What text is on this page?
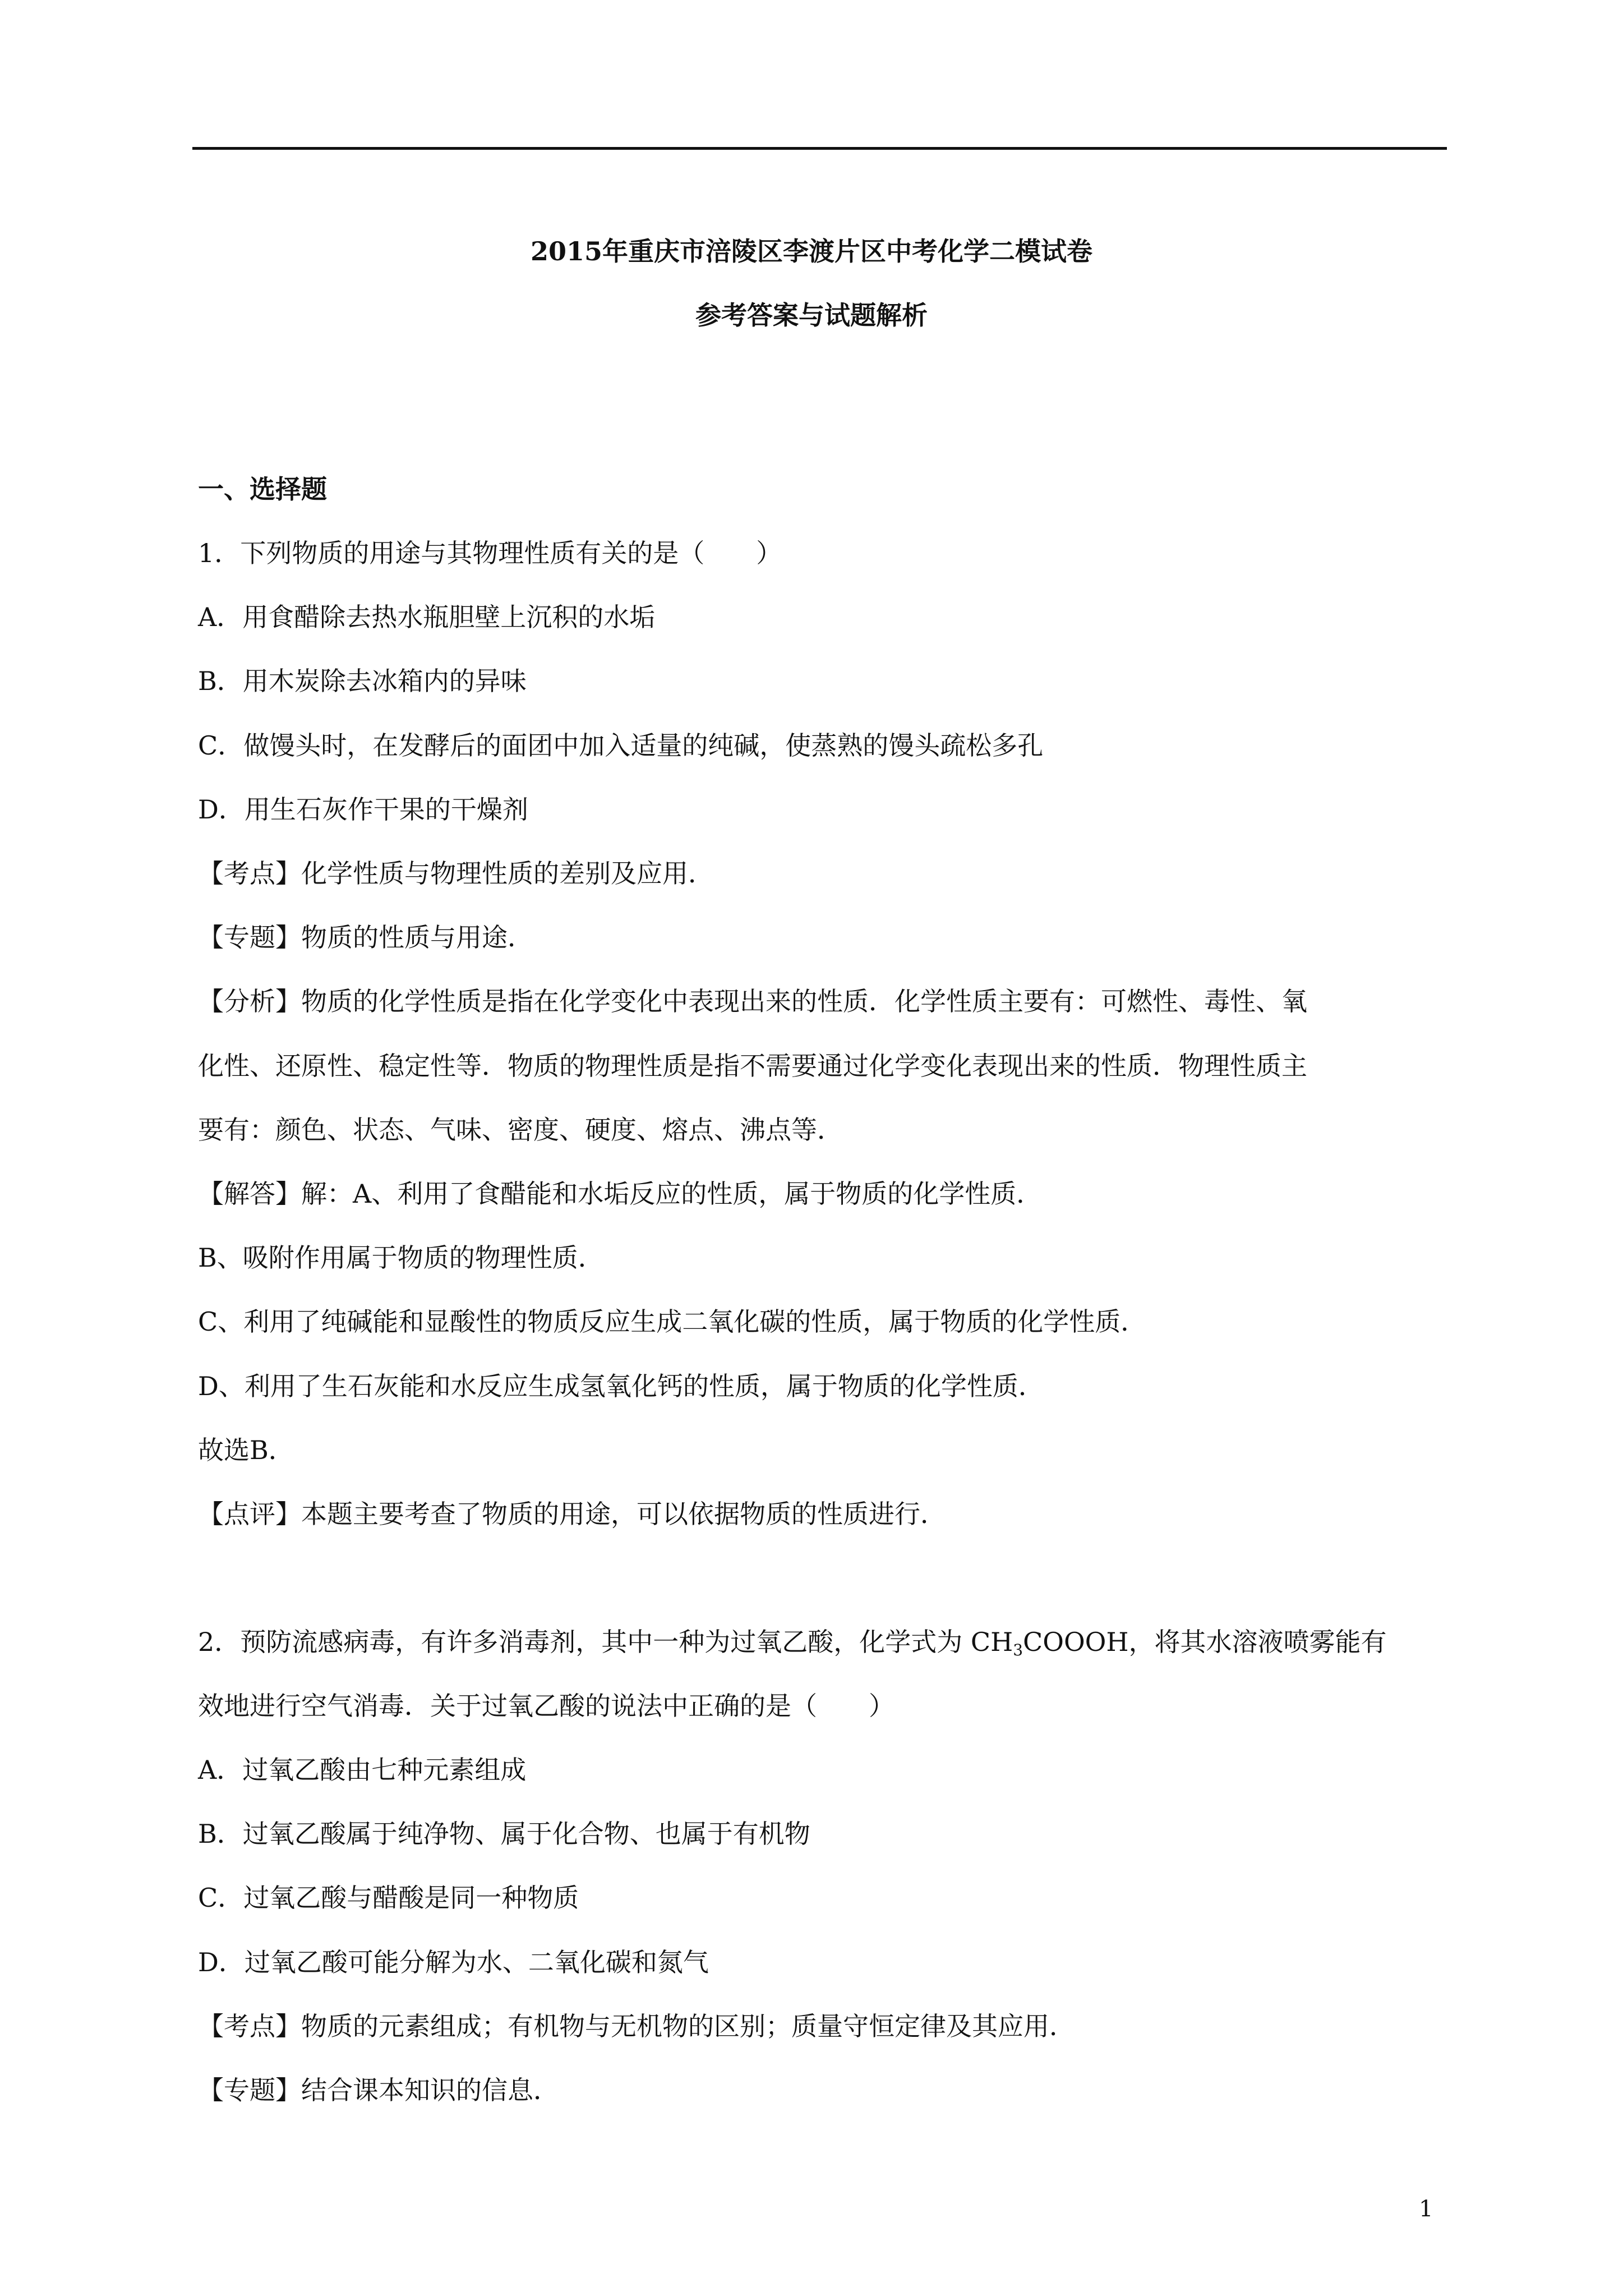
2015年重庆市涪陵区李渡片区中考化学二模试卷
参考答案与试题解析
一、选择题
1．下列物质的用途与其物理性质有关的是（　　）
A．用食醋除去热水瓶胆壁上沉积的水垢
B．用木炭除去冰箱内的异味
C．做馒头时，在发酵后的面团中加入适量的纯碱，使蒸熟的馒头疏松多孔
D．用生石灰作干果的干燥剂
【考点】化学性质与物理性质的差别及应用．
【专题】物质的性质与用途．
【分析】物质的化学性质是指在化学变化中表现出来的性质．化学性质主要有：可燃性、毒性、氧
化性、还原性、稳定性等．物质的物理性质是指不需要通过化学变化表现出来的性质．物理性质主
要有：颜色、状态、气味、密度、硬度、熔点、沸点等．
【解答】解：A、利用了食醋能和水垢反应的性质，属于物质的化学性质．
B、吸附作用属于物质的物理性质．
C、利用了纯碱能和显酸性的物质反应生成二氧化碳的性质，属于物质的化学性质．
D、利用了生石灰能和水反应生成氢氧化钙的性质，属于物质的化学性质．
故选B．
【点评】本题主要考查了物质的用途，可以依据物质的性质进行．
2．预防流感病毒，有许多消毒剂，其中一种为过氧乙酸，化学式为 $CH_3COOOH$，将其水溶液喷雾能有
效地进行空气消毒．关于过氧乙酸的说法中正确的是（　　）
A．过氧乙酸由七种元素组成
B．过氧乙酸属于纯净物、属于化合物、也属于有机物
C．过氧乙酸与醋酸是同一种物质
D．过氧乙酸可能分解为水、二氧化碳和氮气
【考点】物质的元素组成；有机物与无机物的区别；质量守恒定律及其应用．
【专题】结合课本知识的信息．
1
